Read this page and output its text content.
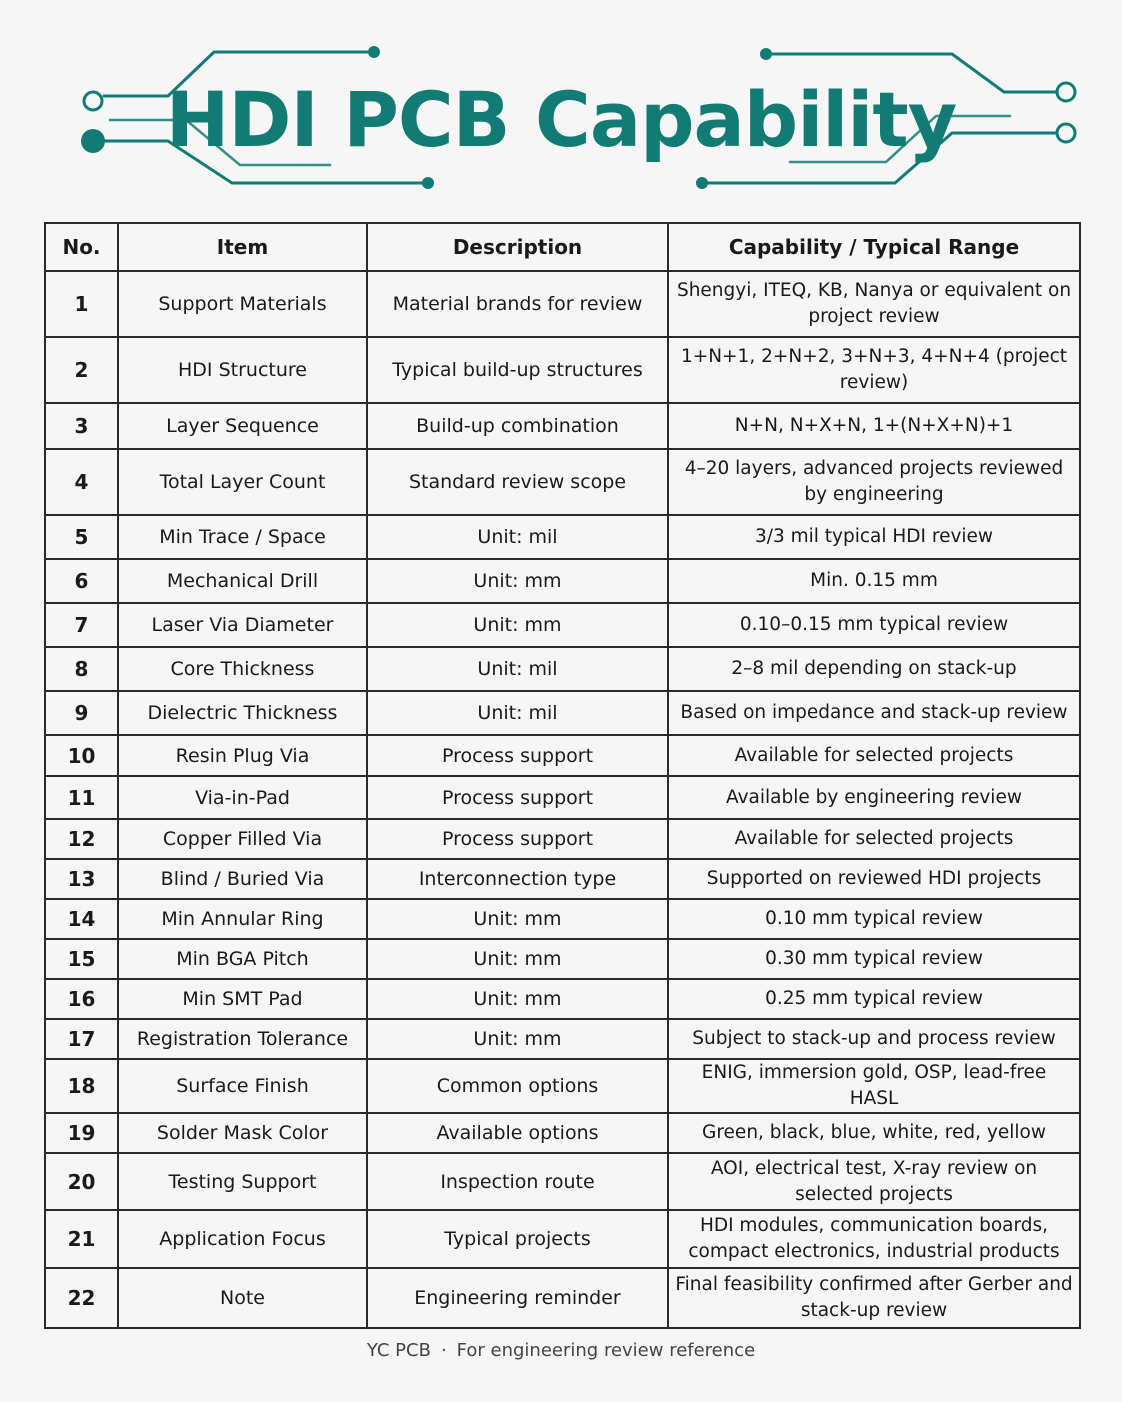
HDI PCB Capability
No.	Item	Description	Capability / Typical Range
1	Support Materials	Material brands for review	Shengyi, ITEQ, KB, Nanya or equivalent on project review
2	HDI Structure	Typical build-up structures	1+N+1, 2+N+2, 3+N+3, 4+N+4 (project review)
3	Layer Sequence	Build-up combination	N+N, N+X+N, 1+(N+X+N)+1
4	Total Layer Count	Standard review scope	4–20 layers, advanced projects reviewed by engineering
5	Min Trace / Space	Unit: mil	3/3 mil typical HDI review
6	Mechanical Drill	Unit: mm	Min. 0.15 mm
7	Laser Via Diameter	Unit: mm	0.10–0.15 mm typical review
8	Core Thickness	Unit: mil	2–8 mil depending on stack-up
9	Dielectric Thickness	Unit: mil	Based on impedance and stack-up review
10	Resin Plug Via	Process support	Available for selected projects
11	Via-in-Pad	Process support	Available by engineering review
12	Copper Filled Via	Process support	Available for selected projects
13	Blind / Buried Via	Interconnection type	Supported on reviewed HDI projects
14	Min Annular Ring	Unit: mm	0.10 mm typical review
15	Min BGA Pitch	Unit: mm	0.30 mm typical review
16	Min SMT Pad	Unit: mm	0.25 mm typical review
17	Registration Tolerance	Unit: mm	Subject to stack-up and process review
18	Surface Finish	Common options	ENIG, immersion gold, OSP, lead-free HASL
19	Solder Mask Color	Available options	Green, black, blue, white, red, yellow
20	Testing Support	Inspection route	AOI, electrical test, X-ray review on selected projects
21	Application Focus	Typical projects	HDI modules, communication boards, compact electronics, industrial products
22	Note	Engineering reminder	Final feasibility confirmed after Gerber and stack-up review
YC PCB · For engineering review reference
